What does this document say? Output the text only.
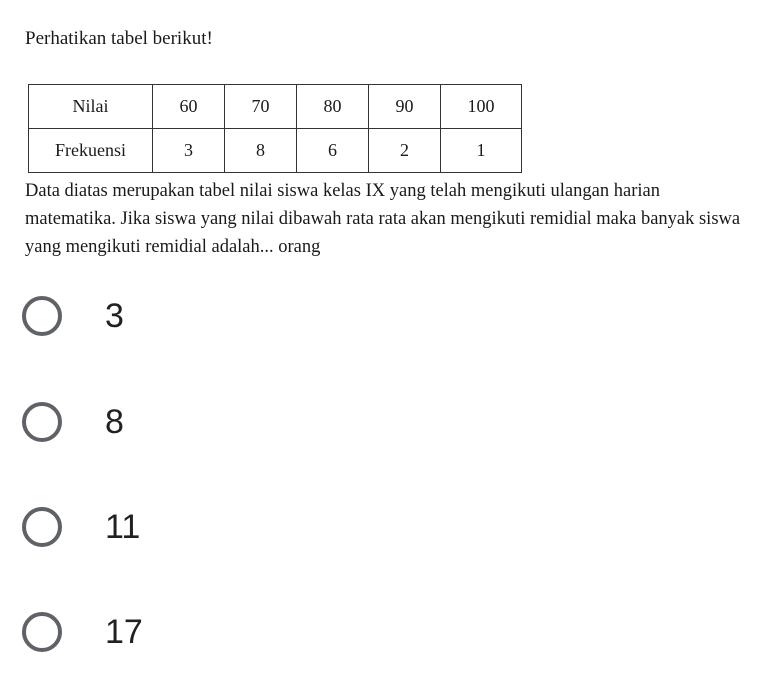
Perhatikan tabel berikut!
Nilai	60	70	80	90	100
Frekuensi	3	8	6	2	1

Data diatas merupakan tabel nilai siswa kelas IX yang telah mengikuti ulangan harian matematika. Jika siswa yang nilai dibawah rata rata akan mengikuti remidial maka banyak siswa yang mengikuti remidial adalah... orang

3
8
11
17
